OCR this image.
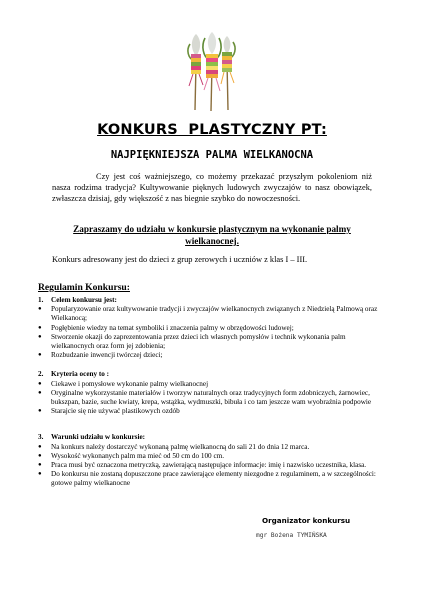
KONKURS  PLASTYCZNY PT:
NAJPIĘKNIEJSZA PALMA WIELKANOCNA
Czy jest coś ważniejszego, co możemy przekazać przyszłym pokoleniom niż nasza rodzima tradycja? Kultywowanie pięknych ludowych zwyczajów to nasz obowiązek, zwłaszcza dzisiaj, gdy większość z nas biegnie szybko do nowoczesności.
Zapraszamy do udziału w konkursie plastycznym na wykonanie palmy wielkanocnej.
Konkurs adresowany jest do dzieci z grup zerowych i uczniów z klas I – III.
Regulamin Konkursu:
1.	Celem konkursu jest:
●	Popularyzowanie oraz kultywowanie tradycji i zwyczajów wielkanocnych związanych z Niedzielą Palmową oraz Wielkanocą;
●	Pogłębienie wiedzy na temat symboliki i znaczenia palmy w obrzędowości ludowej;
●	Stworzenie okazji do zaprezentowania przez dzieci ich własnych pomysłów i technik wykonania palm wielkanocnych oraz form jej zdobienia;
●	Rozbudzanie inwencji twórczej dzieci;
2.	Kryteria oceny to :
●	Ciekawe i pomysłowe wykonanie palmy wielkanocnej
●	Oryginalne wykorzystanie materiałów i tworzyw naturalnych oraz tradycyjnych form zdobniczych, żarnowiec, bukszpan, bazie, suche kwiaty, krepa, wstążka, wydmuszki, bibuła i co tam jeszcze wam wyobraźnia podpowie
●	Starajcie się nie używać plastikowych ozdób
3.	Warunki udziału w konkursie:
●	Na konkurs należy dostarczyć wykonaną palmę wielkanocną do sali 21 do dnia 12 marca.
●	Wysokość wykonanych palm ma mieć od 50 cm do 100 cm.
●	Praca musi być oznaczona metryczką, zawierającą następujące informacje: imię i nazwisko uczestnika, klasa.
●	Do konkursu nie zostaną dopuszczone prace zawierające elementy niezgodne z regulaminem, a w szczególności: gotowe palmy wielkanocne
Organizator konkursu
mgr Bożena TYMIŃSKA
